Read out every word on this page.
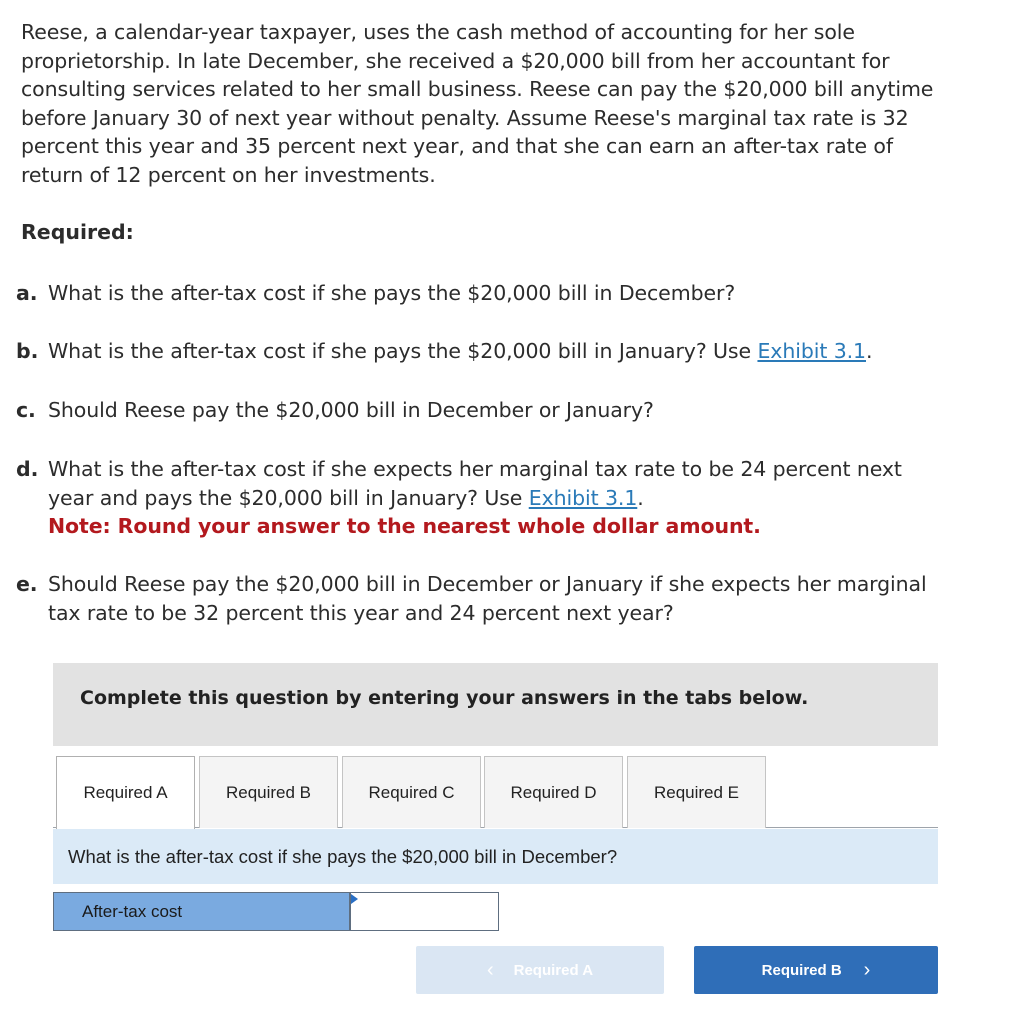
Reese, a calendar-year taxpayer, uses the cash method of accounting for her sole proprietorship. In late December, she received a $20,000 bill from her accountant for consulting services related to her small business. Reese can pay the $20,000 bill anytime before January 30 of next year without penalty. Assume Reese's marginal tax rate is 32 percent this year and 35 percent next year, and that she can earn an after-tax rate of return of 12 percent on her investments.
Required:
a. What is the after-tax cost if she pays the $20,000 bill in December?
b. What is the after-tax cost if she pays the $20,000 bill in January? Use Exhibit 3.1.
c. Should Reese pay the $20,000 bill in December or January?
d. What is the after-tax cost if she expects her marginal tax rate to be 24 percent next year and pays the $20,000 bill in January? Use Exhibit 3.1.
Note: Round your answer to the nearest whole dollar amount.
e. Should Reese pay the $20,000 bill in December or January if she expects her marginal tax rate to be 32 percent this year and 24 percent next year?
Complete this question by entering your answers in the tabs below.
Required A	Required B	Required C	Required D	Required E
What is the after-tax cost if she pays the $20,000 bill in December?
After-tax cost
‹ Required A	Required B ›
